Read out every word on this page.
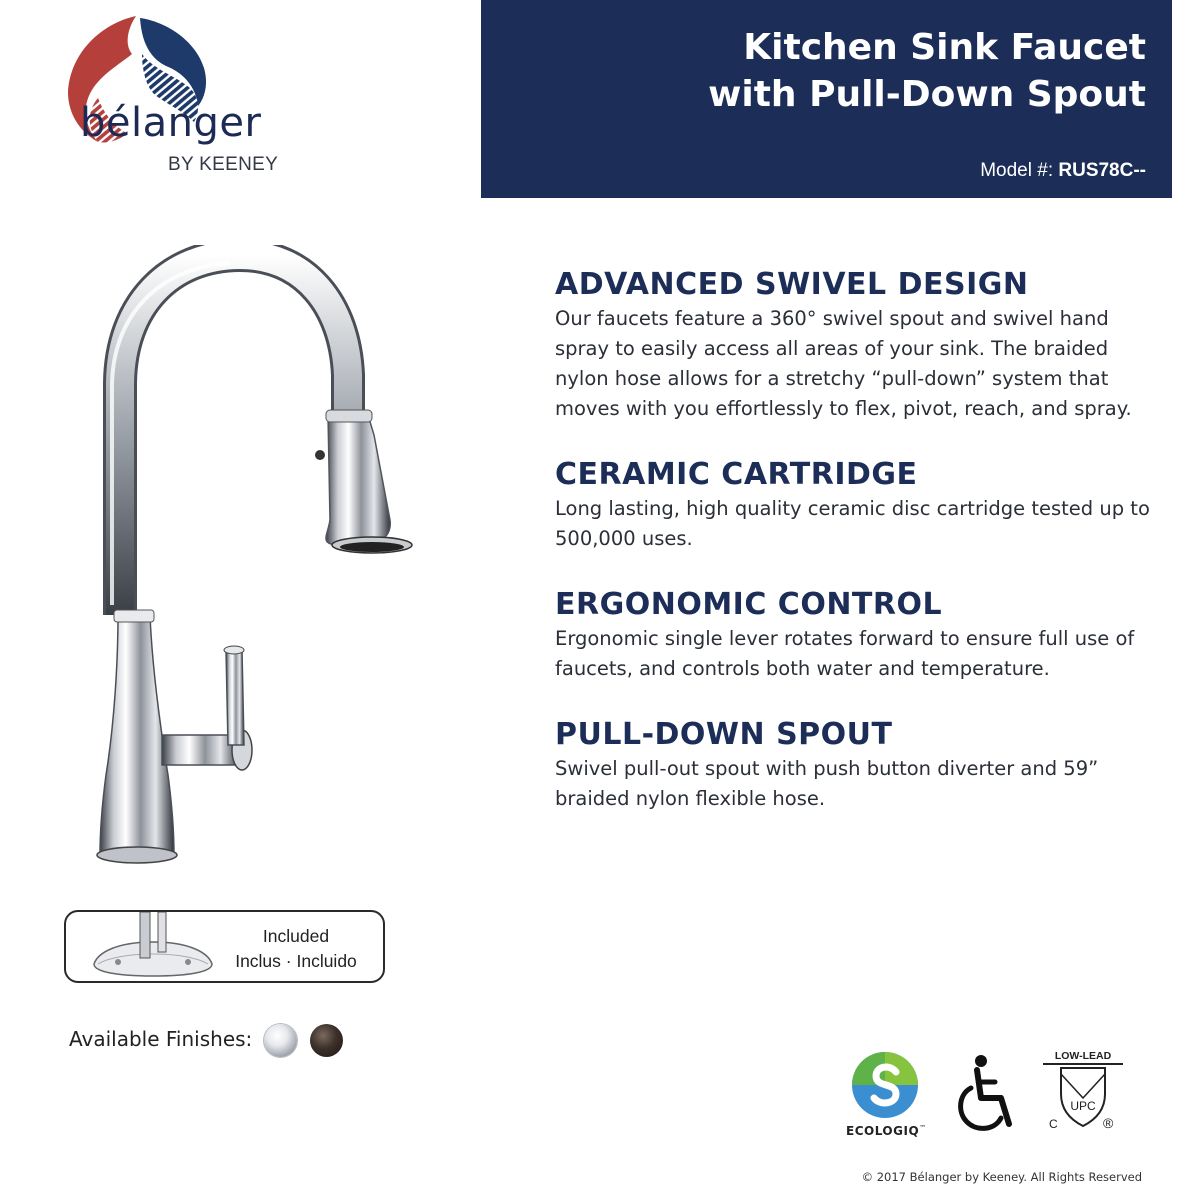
bélanger
BY KEENEY
Kitchen Sink Faucet
with Pull-Down Spout
Model #: RUS78C--
ADVANCED SWIVEL DESIGN

Our faucets feature a 360° swivel spout and swivel hand spray to easily access all areas of your sink. The braided nylon hose allows for a stretchy “pull-down” system that moves with you effortlessly to flex, pivot, reach, and spray.

CERAMIC CARTRIDGE

Long lasting, high quality ceramic disc cartridge tested up to 500,000 uses.

ERGONOMIC CONTROL

Ergonomic single lever rotates forward to ensure full use of faucets, and controls both water and temperature.

PULL-DOWN SPOUT

Swivel pull-out spout with push button diverter and 59” braided nylon flexible hose.

Included
Inclus · Incluido
Available Finishes:
ECOLOGIQ™
LOW-LEAD
UPC
C	®
© 2017 Bélanger by Keeney. All Rights Reserved
